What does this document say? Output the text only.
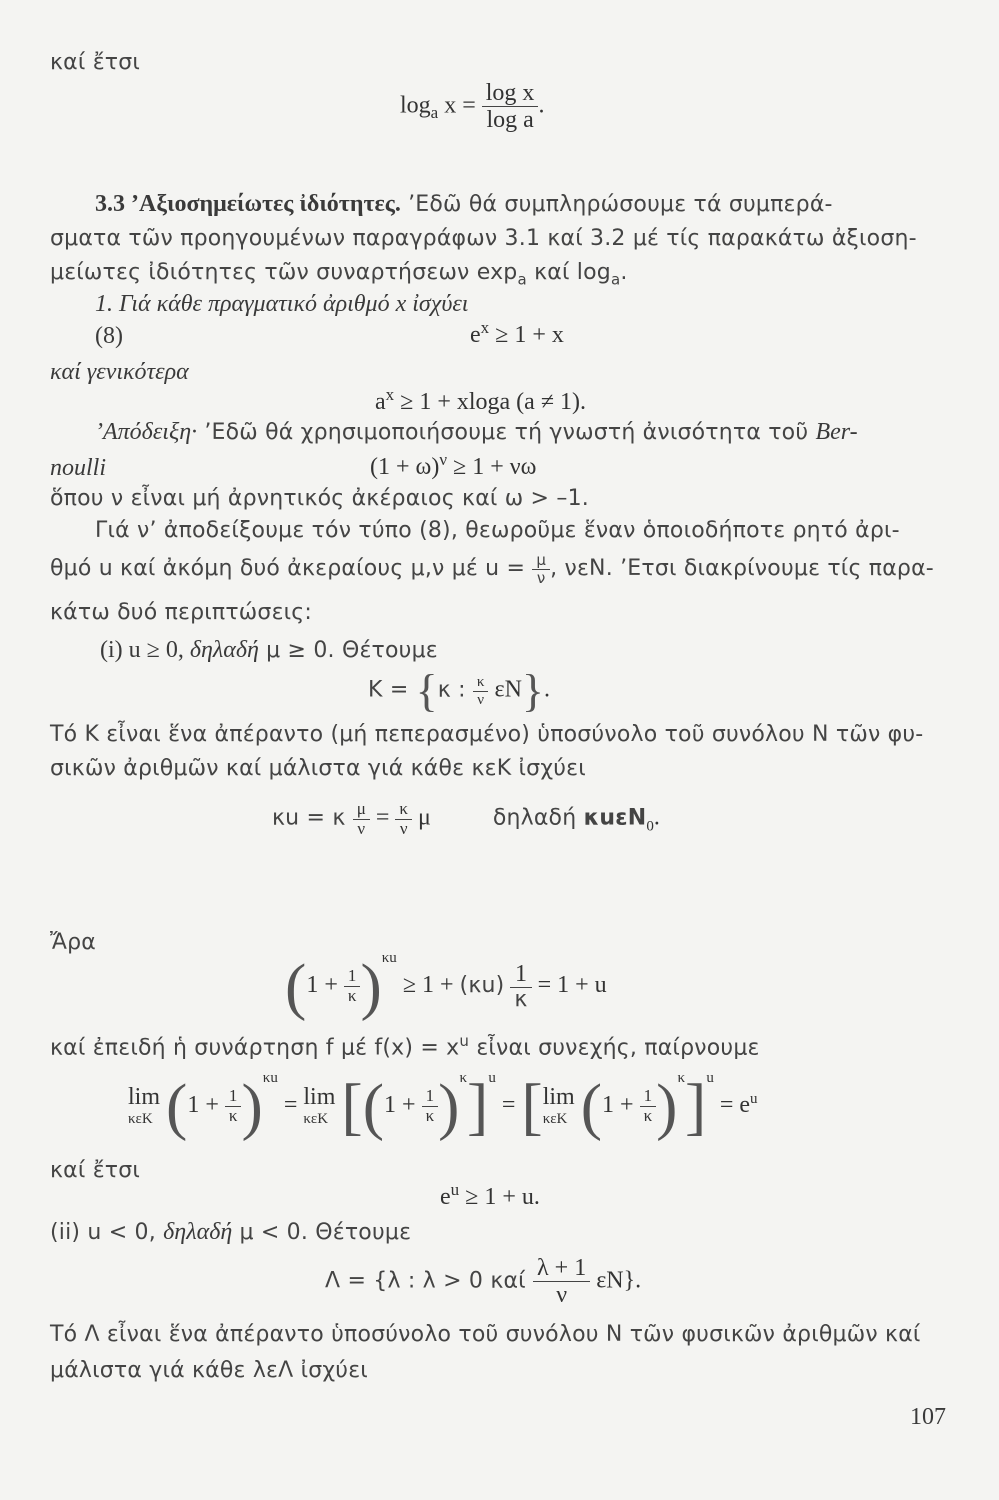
καί ἔτσι
$\log_a x = \frac{\text{log x}}{\text{log a}}$ .
3.3 ’Αξιοσημείωτες ἰδιότητες. ’Εδῶ θά συμπληρώσουμε τά συμπερά-
σματα τῶν προηγουμένων παραγράφων 3.1 καί 3.2 μέ τίς παρακάτω ἀξιοση-
μείωτες ἰδιότητες τῶν συναρτήσεων $\exp_a \kappa\alpha ί$ $\log_a$.
1. Γιά κάθε πραγματικό ἀριθμό x ἰσχύει
(8)	$e^x \ge 1 + x$
καί γενικότερα
$a^x \ge 1 + xloga$ (a ≠ 1).
’Απόδειξη· ’Εδῶ θά χρησιμοποιήσουμε τή γνωστή ἀνισότητα τοῦ Ber-
noulli	$(1 + \omega)^\nu \ge 1 + \nu\omega$
ὅπου ν εἶναι μή ἀρνητικός ἀκέραιος καί ω > –1.
Γιά ν’ ἀποδείξουμε τόν τύπο (8), θεωροῦμε ἕναν ὁποιοδήποτε ρητό ἀρι-
θμό u καί ἀκόμη δυό ἀκεραίους μ,ν μέ $u = \frac{\mu}{\nu}$ , νεΝ. ’Ετσι διακρίνουμε τίς παρα-
κάτω δυό περιπτώσεις:
(i) u ≥ 0, δηλαδή μ ≥ 0. Θέτουμε
K = {κ : $\frac{\kappa}{\nu} \varepsilon N$}.
Τό Κ εἶναι ἕνα ἀπέραντο (μή πεπερασμένο) ὑποσύνολο τοῦ συνόλου Ν τῶν φυ-
σικῶν ἀριθμῶν καί μάλιστα γιά κάθε κεΚ ἰσχύει
κu = κ $\frac{\mu}{\nu} = \frac{\kappa}{\nu}$ μ	δηλαδή κuεN$_0$.
Ἄρα
$(1 + \frac{1}{\kappa} )^{\kappa u} \ge 1 + (\kappa u) \frac{1}{\kappa} = 1 + u$
καί ἐπειδή ἡ συνάρτηση f μέ $f(x) = x^u$ εἶναι συνεχής, παίρνουμε
lim
κεK $(1 + \frac{1}{\kappa} )^{\kappa u} = \lim$
κεK $[(1 + \frac{1}{\kappa} )^\kappa]^u = [\lim$
κεK $(1 + \frac{1}{\kappa} )^\kappa]^u = e^u$
καί ἔτσι
$e^u \ge 1 + u$.
(ii) u < 0, δηλαδή μ < 0. Θέτουμε
Λ = {λ : λ > 0 καί $\frac{\lambda + 1}{\nu} \varepsilon N$}.
Τό Λ εἶναι ἕνα ἀπέραντο ὑποσύνολο τοῦ συνόλου Ν τῶν φυσικῶν ἀριθμῶν καί
μάλιστα γιά κάθε λεΛ ἰσχύει
107
